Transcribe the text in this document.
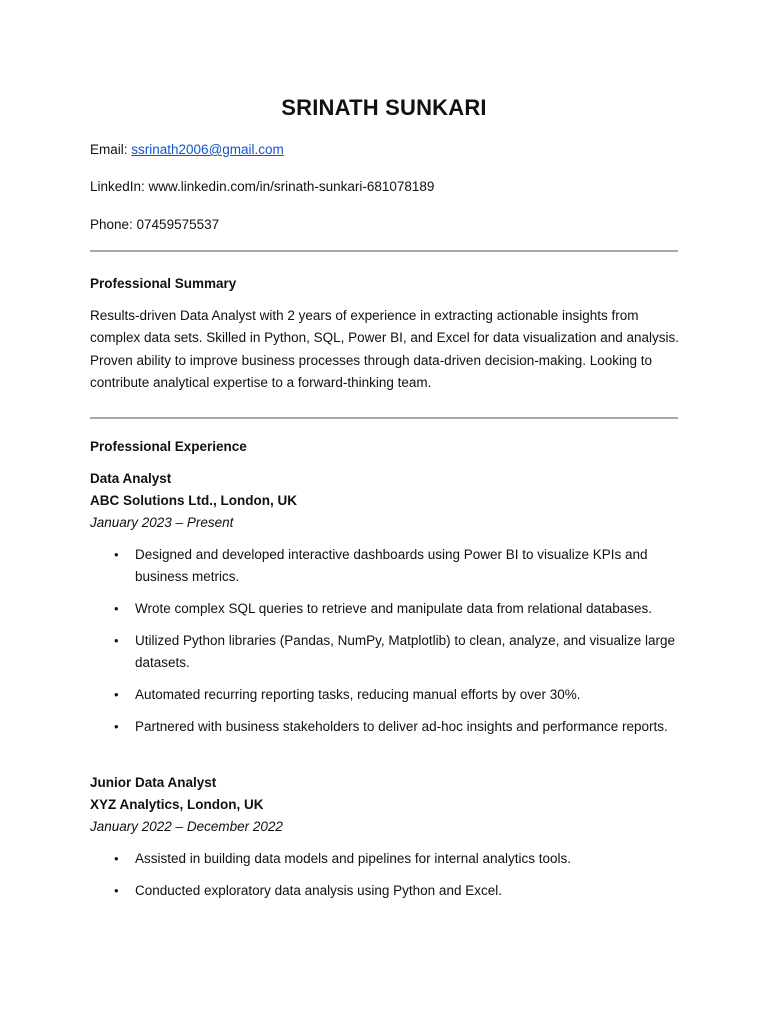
SRINATH SUNKARI
Email: ssrinath2006@gmail.com
LinkedIn: www.linkedin.com/in/srinath-sunkari-681078189
Phone: 07459575537
Professional Summary
Results-driven Data Analyst with 2 years of experience in extracting actionable insights from complex data sets. Skilled in Python, SQL, Power BI, and Excel for data visualization and analysis. Proven ability to improve business processes through data-driven decision-making. Looking to contribute analytical expertise to a forward-thinking team.
Professional Experience
Data Analyst
ABC Solutions Ltd., London, UK
January 2023 – Present
• Designed and developed interactive dashboards using Power BI to visualize KPIs and business metrics.
• Wrote complex SQL queries to retrieve and manipulate data from relational databases.
• Utilized Python libraries (Pandas, NumPy, Matplotlib) to clean, analyze, and visualize large datasets.
• Automated recurring reporting tasks, reducing manual efforts by over 30%.
• Partnered with business stakeholders to deliver ad-hoc insights and performance reports.
Junior Data Analyst
XYZ Analytics, London, UK
January 2022 – December 2022
• Assisted in building data models and pipelines for internal analytics tools.
• Conducted exploratory data analysis using Python and Excel.
